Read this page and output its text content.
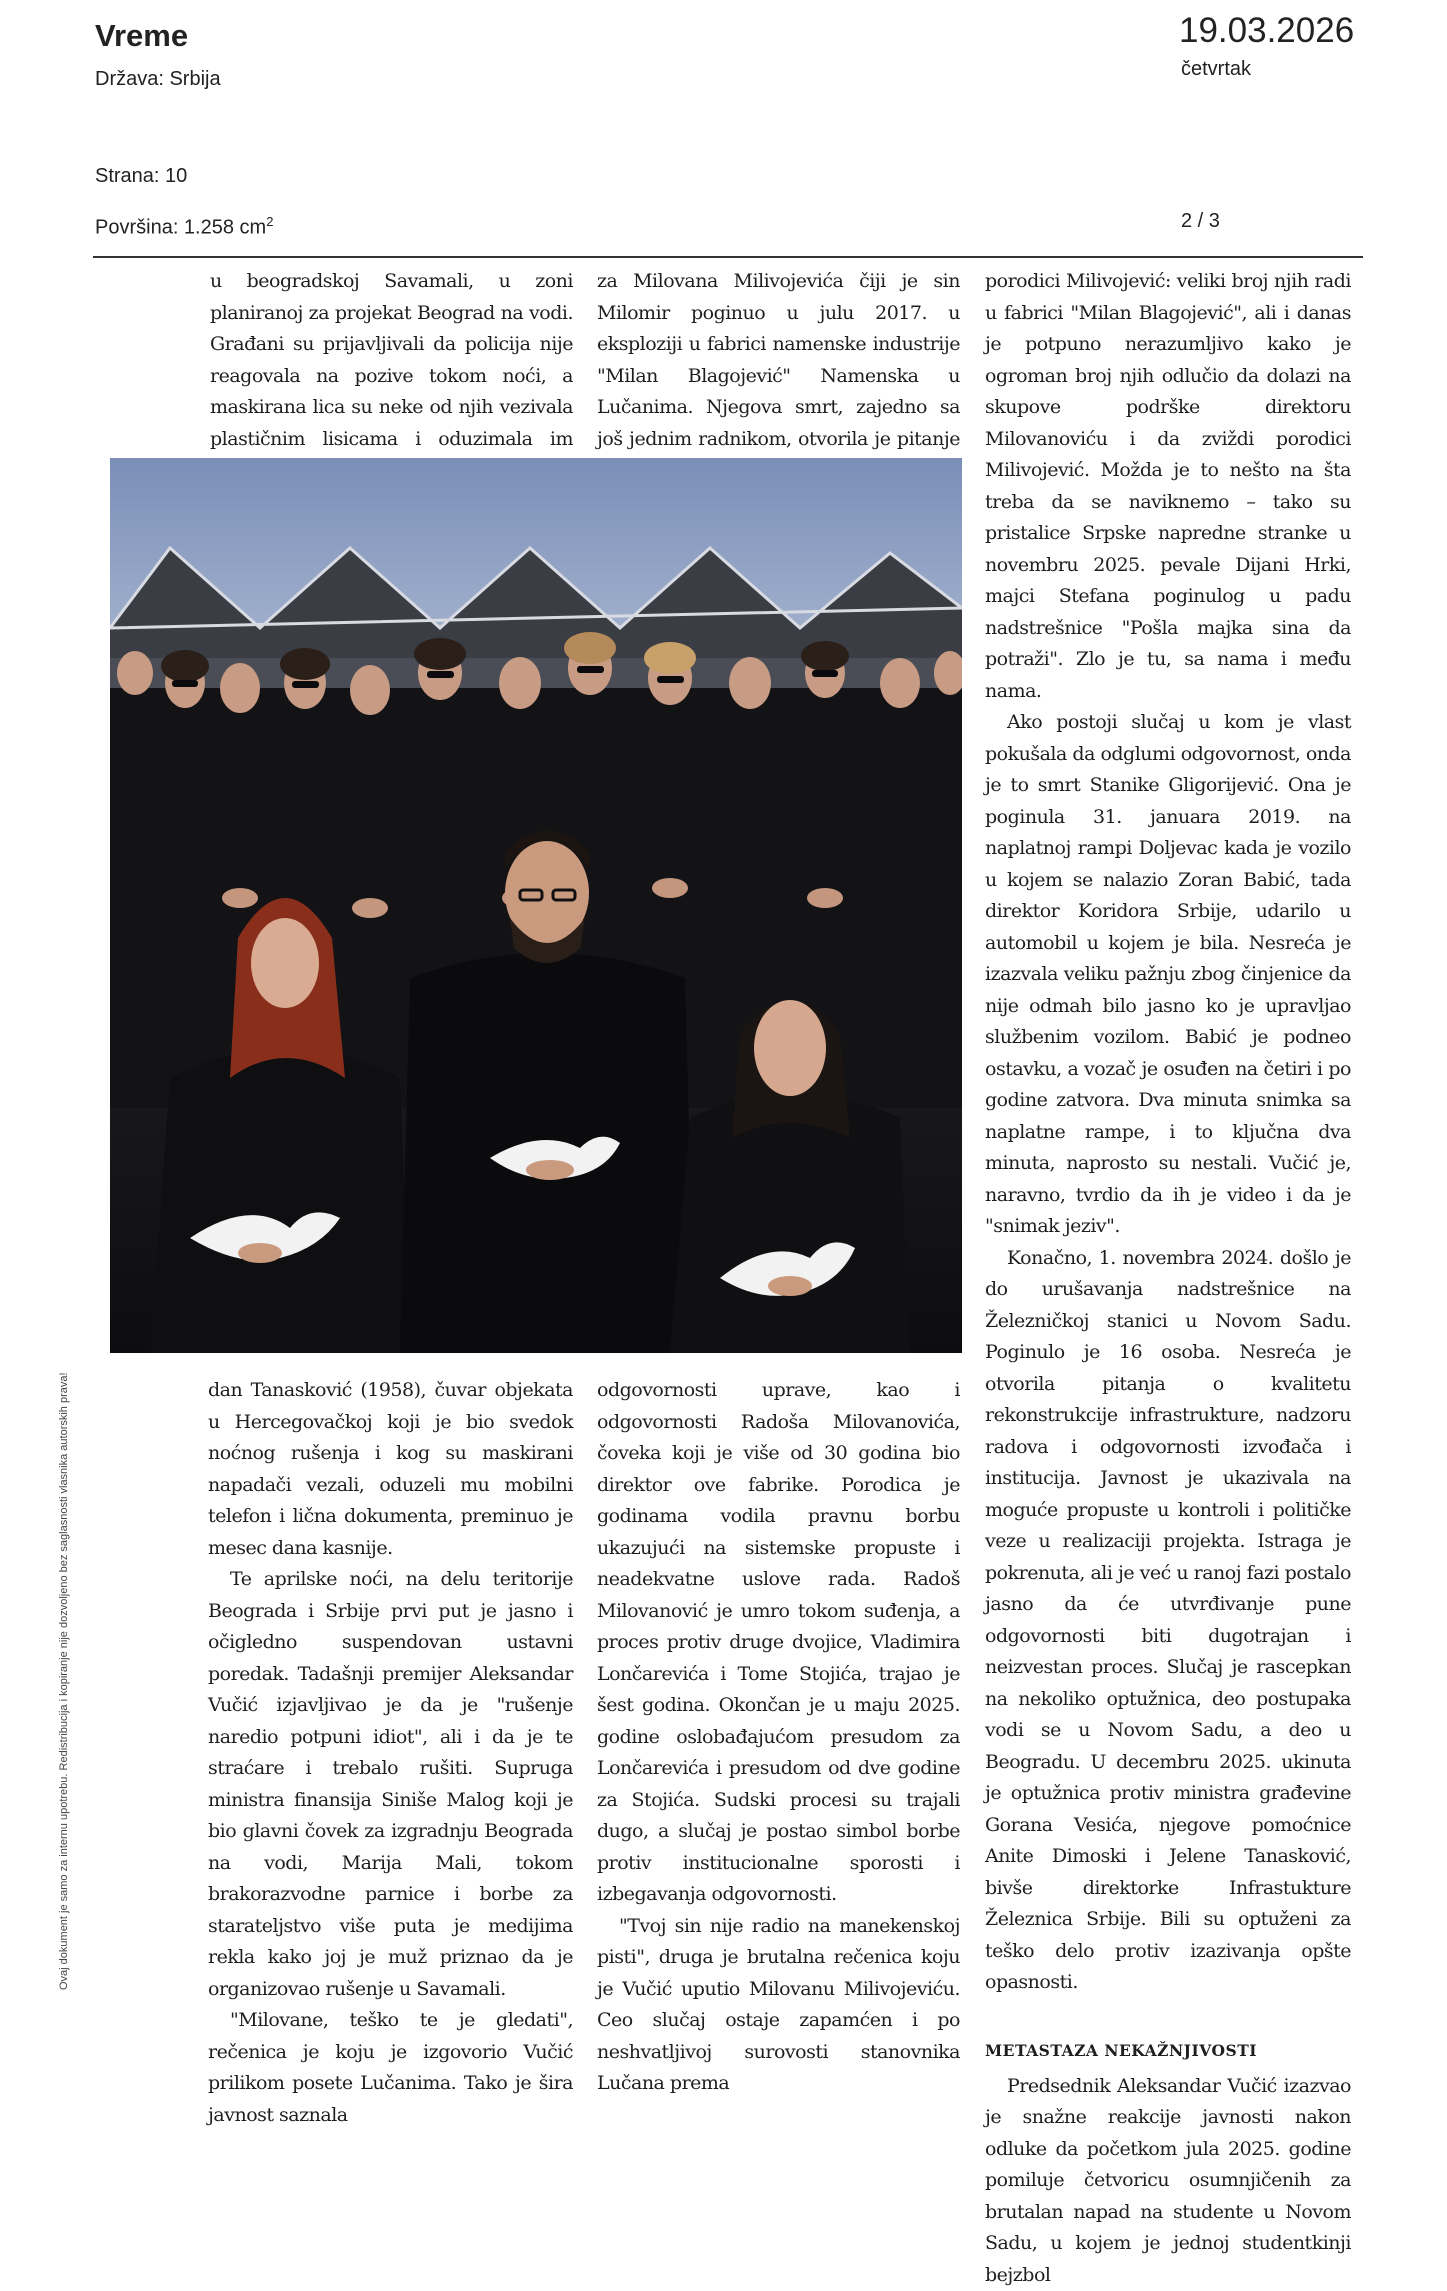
Vreme
Država: Srbija
Strana: 10
Površina: 1.258 $cm^2$
19.03.2026
četvrtak
2 / 3

u beogradskoj Savamali, u zoni planiranoj za projekat Beograd na vodi. Građani su prijavljivali da policija nije reagovala na pozive tokom noći, a maskirana lica su neke od njih vezivala plastičnim lisicama i oduzimala im

za Milovana Milivojevića čiji je sin Milomir poginuo u julu 2017. u eksploziji u fabrici namenske industrije "Milan Blagojević" Namenska u Lučanima. Njegova smrt, zajedno sa još jednim radnikom, otvorila je pitanje

dan Tanasković (1958), čuvar objekata u Hercegovačkoj koji je bio svedok noćnog rušenja i kog su maskirani napadači vezali, oduzeli mu mobilni telefon i lična dokumenta, preminuo je mesec dana kasnije.

Te aprilske noći, na delu teritorije Beograda i Srbije prvi put je jasno i očigledno suspendovan ustavni poredak. Tadašnji premijer Aleksandar Vučić izjavljivao je da je "rušenje naredio potpuni idiot", ali i da je te straćare i trebalo rušiti. Supruga ministra finansija Siniše Malog koji je bio glavni čovek za izgradnju Beograda na vodi, Marija Mali, tokom brakorazvodne parnice i borbe za starateljstvo više puta je medijima rekla kako joj je muž priznao da je organizovao rušenje u Savamali.

"Milovane, teško te je gledati", rečenica je koju je izgovorio Vučić prilikom posete Lučanima. Tako je šira javnost saznala

odgovornosti uprave, kao i odgovornosti Radoša Milovanovića, čoveka koji je više od 30 godina bio direktor ove fabrike. Porodica je godinama vodila pravnu borbu ukazujući na sistemske propuste i neadekvatne uslove rada. Radoš Milovanović je umro tokom suđenja, a proces protiv druge dvojice, Vladimira Lončarevića i Tome Stojića, trajao je šest godina. Okončan je u maju 2025. godine oslobađajućom presudom za Lončarevića i presudom od dve godine za Stojića. Sudski procesi su trajali dugo, a slučaj je postao simbol borbe protiv institucionalne sporosti i izbegavanja odgovornosti.

"Tvoj sin nije radio na manekenskoj pisti", druga je brutalna rečenica koju je Vučić uputio Milovanu Milivojeviću. Ceo slučaj ostaje zapamćen i po neshvatljivoj surovosti stanovnika Lučana prema

porodici Milivojević: veliki broj njih radi u fabrici "Milan Blagojević", ali i danas je potpuno nerazumljivo kako je ogroman broj njih odlučio da dolazi na skupove podrške direktoru Milovanoviću i da zviždi porodici Milivojević. Možda je to nešto na šta treba da se naviknemo – tako su pristalice Srpske napredne stranke u novembru 2025. pevale Dijani Hrki, majci Stefana poginulog u padu nadstrešnice "Pošla majka sina da potraži". Zlo je tu, sa nama i među nama.

Ako postoji slučaj u kom je vlast pokušala da odglumi odgovornost, onda je to smrt Stanike Gligorijević. Ona je poginula 31. januara 2019. na naplatnoj rampi Doljevac kada je vozilo u kojem se nalazio Zoran Babić, tada direktor Koridora Srbije, udarilo u automobil u kojem je bila. Nesreća je izazvala veliku pažnju zbog činjenice da nije odmah bilo jasno ko je upravljao službenim vozilom. Babić je podneo ostavku, a vozač je osuđen na četiri i po godine zatvora. Dva minuta snimka sa naplatne rampe, i to ključna dva minuta, naprosto su nestali. Vučić je, naravno, tvrdio da ih je video i da je "snimak jeziv".

Konačno, 1. novembra 2024. došlo je do urušavanja nadstrešnice na Železničkoj stanici u Novom Sadu. Poginulo je 16 osoba. Nesreća je otvorila pitanja o kvalitetu rekonstrukcije infrastrukture, nadzoru radova i odgovornosti izvođača i institucija. Javnost je ukazivala na moguće propuste u kontroli i političke veze u realizaciji projekta. Istraga je pokrenuta, ali je već u ranoj fazi postalo jasno da će utvrđivanje pune odgovornosti biti dugotrajan i neizvestan proces. Slučaj je rascepkan na nekoliko optužnica, deo postupaka vodi se u Novom Sadu, a deo u Beogradu. U decembru 2025. ukinuta je optužnica protiv ministra građevine Gorana Vesića, njegove pomoćnice Anite Dimoski i Jelene Tanasković, bivše direktorke Infrastukture Železnica Srbije. Bili su optuženi za teško delo protiv izazivanja opšte opasnosti.

METASTAZA NEKAŽNJIVOSTI

Predsednik Aleksandar Vučić izazvao je snažne reakcije javnosti nakon odluke da početkom jula 2025. godine pomiluje četvoricu osumnjičenih za brutalan napad na studente u Novom Sadu, u kojem je jednoj studentkinji bejzbol

Ovaj dokument je samo za internu upotrebu. Redistribucija i kopiranje nije dozvoljeno bez saglasnosti vlasnika autorskih prava!
